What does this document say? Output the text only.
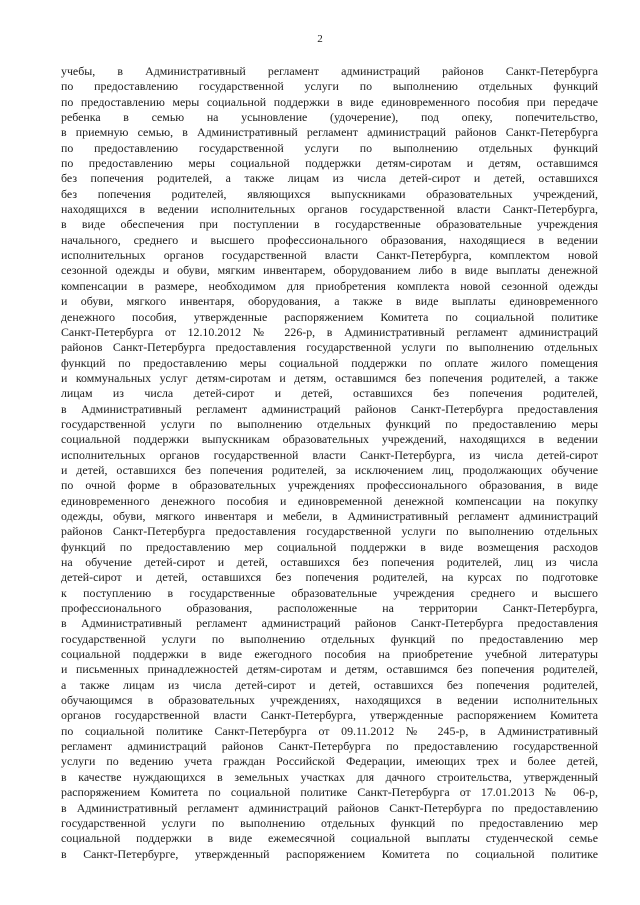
2
учебы, в Административный регламент администраций районов Санкт-Петербурга
по предоставлению государственной услуги по выполнению отдельных функций
по предоставлению меры социальной поддержки в виде единовременного пособия при передаче
ребенка в семью на усыновление (удочерение), под опеку, попечительство,
в приемную семью, в Административный регламент администраций районов Санкт-Петербурга
по предоставлению государственной услуги по выполнению отдельных функций
по предоставлению меры социальной поддержки детям-сиротам и детям, оставшимся
без попечения родителей, а также лицам из числа детей-сирот и детей, оставшихся
без попечения родителей, являющихся выпускниками образовательных учреждений,
находящихся в ведении исполнительных органов государственной власти Санкт-Петербурга,
в виде обеспечения при поступлении в государственные образовательные учреждения
начального, среднего и высшего профессионального образования, находящиеся в ведении
исполнительных органов государственной власти Санкт-Петербурга, комплектом новой
сезонной одежды и обуви, мягким инвентарем, оборудованием либо в виде выплаты денежной
компенсации в размере, необходимом для приобретения комплекта новой сезонной одежды
и обуви, мягкого инвентаря, оборудования, а также в виде выплаты единовременного
денежного пособия, утвержденные распоряжением Комитета по социальной политике
Санкт-Петербурга от 12.10.2012 № 226-р, в Административный регламент администраций
районов Санкт-Петербурга предоставления государственной услуги по выполнению отдельных
функций по предоставлению меры социальной поддержки по оплате жилого помещения
и коммунальных услуг детям-сиротам и детям, оставшимся без попечения родителей, а также
лицам из числа детей-сирот и детей, оставшихся без попечения родителей,
в Административный регламент администраций районов Санкт-Петербурга предоставления
государственной услуги по выполнению отдельных функций по предоставлению меры
социальной поддержки выпускникам образовательных учреждений, находящихся в ведении
исполнительных органов государственной власти Санкт-Петербурга, из числа детей-сирот
и детей, оставшихся без попечения родителей, за исключением лиц, продолжающих обучение
по очной форме в образовательных учреждениях профессионального образования, в виде
единовременного денежного пособия и единовременной денежной компенсации на покупку
одежды, обуви, мягкого инвентаря и мебели, в Административный регламент администраций
районов Санкт-Петербурга предоставления государственной услуги по выполнению отдельных
функций по предоставлению мер социальной поддержки в виде возмещения расходов
на обучение детей-сирот и детей, оставшихся без попечения родителей, лиц из числа
детей-сирот и детей, оставшихся без попечения родителей, на курсах по подготовке
к поступлению в государственные образовательные учреждения среднего и высшего
профессионального образования, расположенные на территории Санкт-Петербурга,
в Административный регламент администраций районов Санкт-Петербурга предоставления
государственной услуги по выполнению отдельных функций по предоставлению мер
социальной поддержки в виде ежегодного пособия на приобретение учебной литературы
и письменных принадлежностей детям-сиротам и детям, оставшимся без попечения родителей,
а также лицам из числа детей-сирот и детей, оставшихся без попечения родителей,
обучающимся в образовательных учреждениях, находящихся в ведении исполнительных
органов государственной власти Санкт-Петербурга, утвержденные распоряжением Комитета
по социальной политике Санкт-Петербурга от 09.11.2012 № 245-р, в Административный
регламент администраций районов Санкт-Петербурга по предоставлению государственной
услуги по ведению учета граждан Российской Федерации, имеющих трех и более детей,
в качестве нуждающихся в земельных участках для дачного строительства, утвержденный
распоряжением Комитета по социальной политике Санкт-Петербурга от 17.01.2013 № 06-р,
в Административный регламент администраций районов Санкт-Петербурга по предоставлению
государственной услуги по выполнению отдельных функций по предоставлению мер
социальной поддержки в виде ежемесячной социальной выплаты студенческой семье
в Санкт-Петербурге, утвержденный распоряжением Комитета по социальной политике
